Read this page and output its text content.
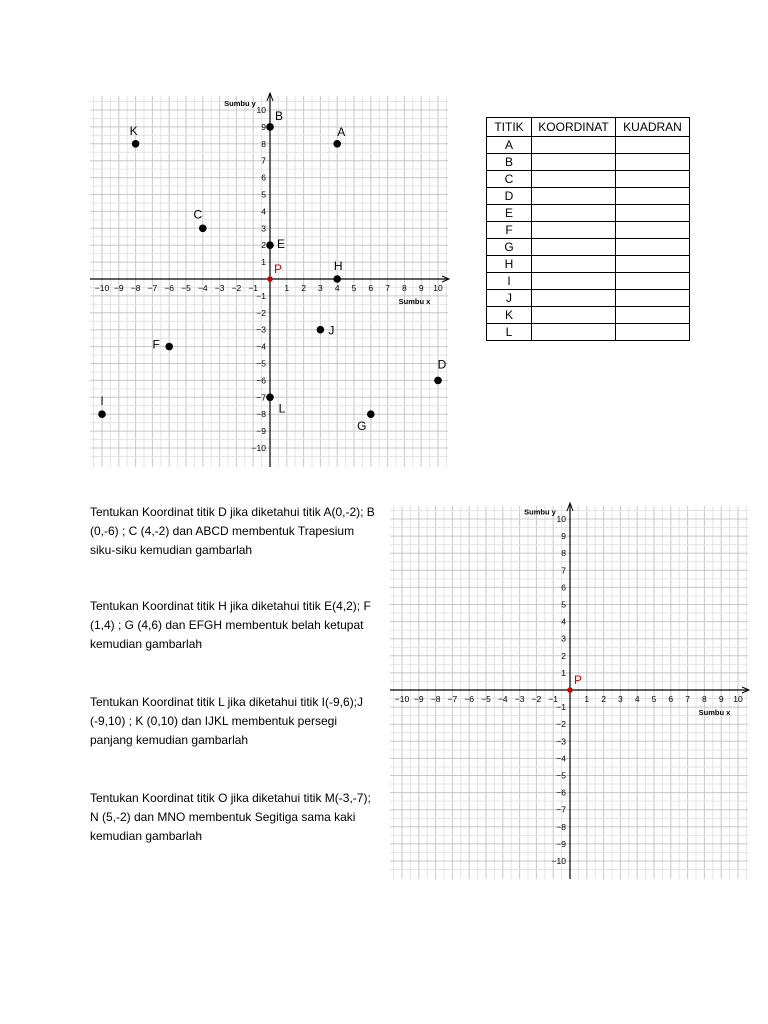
−10 −9 −8 −7 −6 −5 −4 −3 −2 −1	1 2 3 4 5 6 7 8 9 10
10
9
8
7
6
5
4
3
2
1
−1
−2
−3
−4
−5
−6
−7
−8
−9
−10
Sumbu x
Sumbu y
P
A
B
C
D
E
F
G
H
I
J
K
L
TITIK	KOORDINAT	KUADRAN
A		
B		
C		
D		
E		
F		
G		
H		
I		
J		
K		
L		
Tentukan Koordinat titik D jika diketahui titik A(0,-2); B (0,-6) ; C (4,-2) dan ABCD membentuk Trapesium siku-siku kemudian gambarlah
Tentukan Koordinat titik H jika diketahui titik E(4,2); F (1,4) ; G (4,6) dan EFGH membentuk belah ketupat kemudian gambarlah
Tentukan Koordinat titik L jika diketahui titik I(-9,6);J (-9,10) ; K (0,10) dan IJKL membentuk persegi panjang kemudian gambarlah
Tentukan Koordinat titik O jika diketahui titik M(-3,-7); N (5,-2) dan MNO membentuk Segitiga sama kaki kemudian gambarlah
−10 −9 −8 −7 −6 −5 −4 −3 −2 −1	1 2 3 4 5 6 7 8 9 10
10
9
8
7
6
5
4
3
2
1
−1
−2
−3
−4
−5
−6
−7
−8
−9
−10
Sumbu x
Sumbu y
P
